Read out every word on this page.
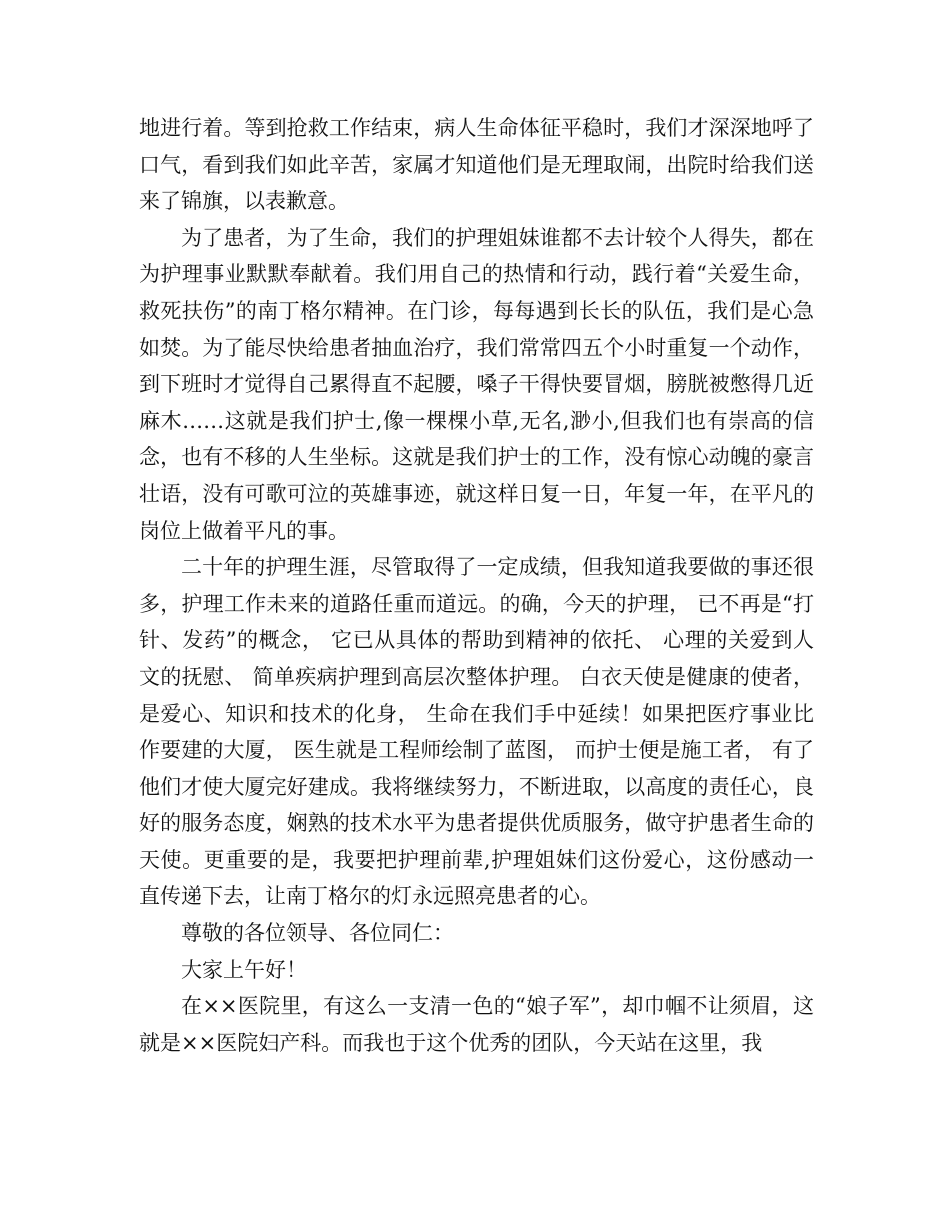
地进行着。等到抢救工作结束，病人生命体征平稳时，我们才深深地呼了口气，看到我们如此辛苦，家属才知道他们是无理取闹，出院时给我们送来了锦旗，以表歉意。

为了患者，为了生命，我们的护理姐妹谁都不去计较个人得失，都在为护理事业默默奉献着。我们用自己的热情和行动，践行着“关爱生命，救死扶伤”的南丁格尔精神。在门诊，每每遇到长长的队伍，我们是心急如焚。为了能尽快给患者抽血治疗，我们常常四五个小时重复一个动作，到下班时才觉得自己累得直不起腰，嗓子干得快要冒烟，膀胱被憋得几近麻木……这就是我们护士,像一棵棵小草,无名,渺小,但我们也有崇高的信念，也有不移的人生坐标。这就是我们护士的工作，没有惊心动魄的豪言壮语，没有可歌可泣的英雄事迹，就这样日复一日，年复一年，在平凡的岗位上做着平凡的事。

二十年的护理生涯，尽管取得了一定成绩，但我知道我要做的事还很多，护理工作未来的道路任重而道远。的确，今天的护理， 已不再是“打针、发药”的概念， 它已从具体的帮助到精神的依托、 心理的关爱到人文的抚慰、 简单疾病护理到高层次整体护理。 白衣天使是健康的使者， 是爱心、知识和技术的化身， 生命在我们手中延续！如果把医疗事业比作要建的大厦， 医生就是工程师绘制了蓝图， 而护士便是施工者， 有了他们才使大厦完好建成。我将继续努力，不断进取，以高度的责任心，良好的服务态度，娴熟的技术水平为患者提供优质服务，做守护患者生命的天使。更重要的是，我要把护理前辈,护理姐妹们这份爱心，这份感动一直传递下去，让南丁格尔的灯永远照亮患者的心。

尊敬的各位领导、各位同仁：

大家上午好！

在××医院里，有这么一支清一色的“娘子军”，却巾帼不让须眉，这就是××医院妇产科。而我也于这个优秀的团队，今天站在这里，我
